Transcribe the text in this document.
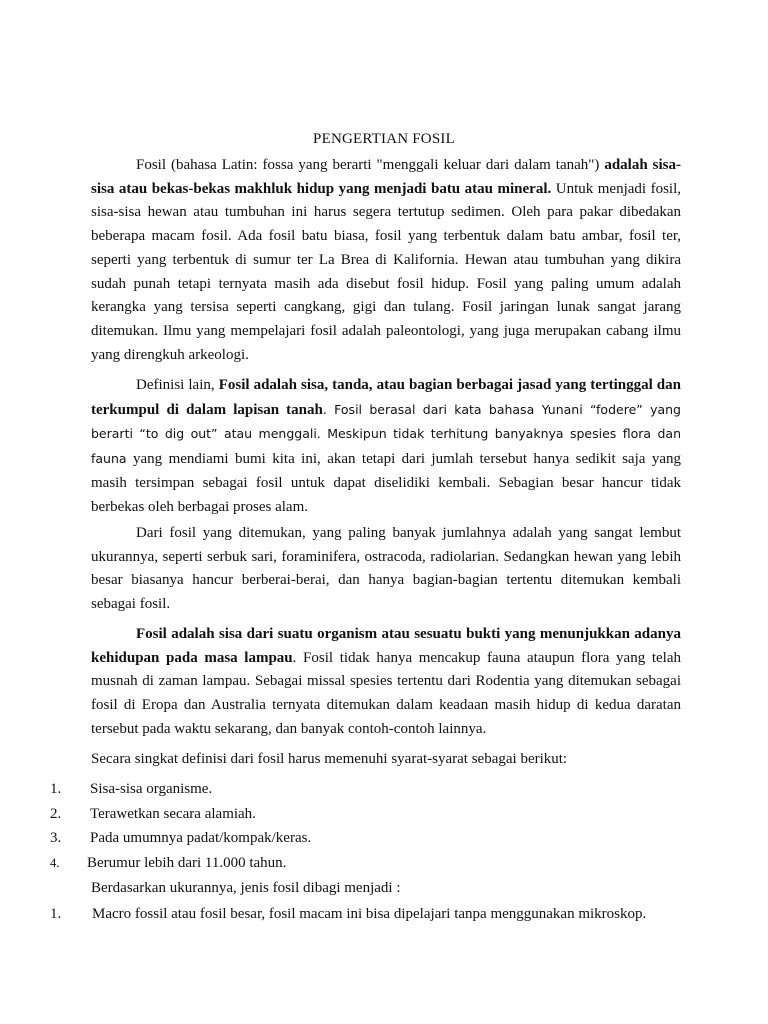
PENGERTIAN FOSIL

Fosil (bahasa Latin: fossa yang berarti "menggali keluar dari dalam tanah") adalah sisa-sisa atau bekas-bekas makhluk hidup yang menjadi batu atau mineral. Untuk menjadi fosil, sisa-sisa hewan atau tumbuhan ini harus segera tertutup sedimen. Oleh para pakar dibedakan beberapa macam fosil. Ada fosil batu biasa, fosil yang terbentuk dalam batu ambar, fosil ter, seperti yang terbentuk di sumur ter La Brea di Kalifornia. Hewan atau tumbuhan yang dikira sudah punah tetapi ternyata masih ada disebut fosil hidup. Fosil yang paling umum adalah kerangka yang tersisa seperti cangkang, gigi dan tulang. Fosil jaringan lunak sangat jarang ditemukan. Ilmu yang mempelajari fosil adalah paleontologi, yang juga merupakan cabang ilmu yang direngkuh arkeologi.

Definisi lain, Fosil adalah sisa, tanda, atau bagian berbagai jasad yang tertinggal dan terkumpul di dalam lapisan tanah. Fosil berasal dari kata bahasa Yunani “fodere” yang berarti “to dig out” atau menggali. Meskipun tidak terhitung banyaknya spesies flora dan fauna yang mendiami bumi kita ini, akan tetapi dari jumlah tersebut hanya sedikit saja yang masih tersimpan sebagai fosil untuk dapat diselidiki kembali. Sebagian besar hancur tidak berbekas oleh berbagai proses alam.

Dari fosil yang ditemukan, yang paling banyak jumlahnya adalah yang sangat lembut ukurannya, seperti serbuk sari, foraminifera, ostracoda, radiolarian. Sedangkan hewan yang lebih besar biasanya hancur berberai-berai, dan hanya bagian-bagian tertentu ditemukan kembali sebagai fosil.

Fosil adalah sisa dari suatu organism atau sesuatu bukti yang menunjukkan adanya kehidupan pada masa lampau. Fosil tidak hanya mencakup fauna ataupun flora yang telah musnah di zaman lampau. Sebagai missal spesies tertentu dari Rodentia yang ditemukan sebagai fosil di Eropa dan Australia ternyata ditemukan dalam keadaan masih hidup di kedua daratan tersebut pada waktu sekarang, dan banyak contoh-contoh lainnya.

Secara singkat definisi dari fosil harus memenuhi syarat-syarat sebagai berikut:
1. Sisa-sisa organisme.
2. Terawetkan secara alamiah.
3. Pada umumnya padat/kompak/keras.
4. Berumur lebih dari 11.000 tahun.
Berdasarkan ukurannya, jenis fosil dibagi menjadi :
1. Macro fossil atau fosil besar, fosil macam ini bisa dipelajari tanpa menggunakan mikroskop.
